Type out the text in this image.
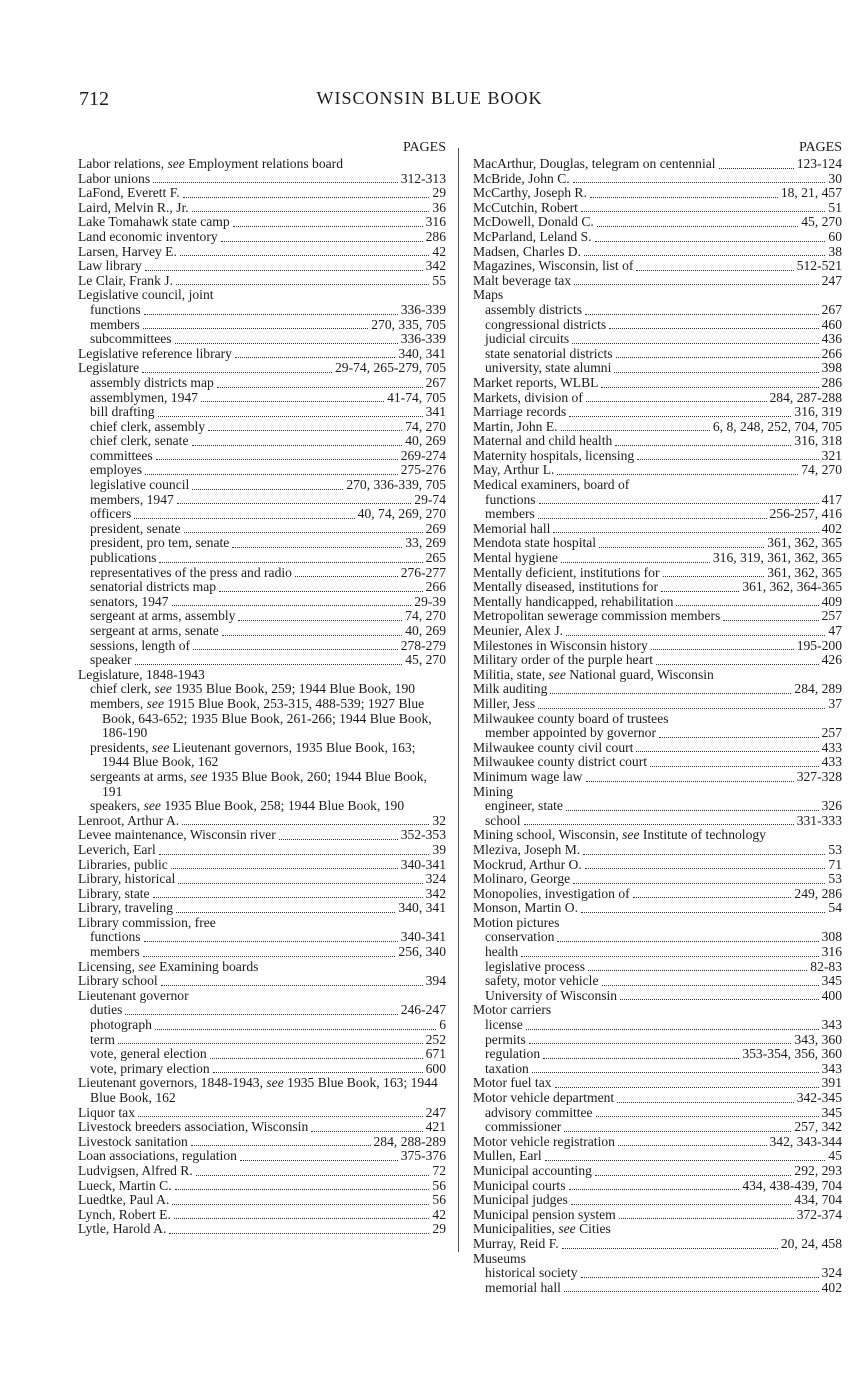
712	WISCONSIN BLUE BOOK
PAGES
Labor relations, see Employment relations board
Labor unions	312-313
LaFond, Everett F.	29
Laird, Melvin R., Jr.	36
Lake Tomahawk state camp	316
Land economic inventory	286
Larsen, Harvey E.	42
Law library	342
Le Clair, Frank J.	55
Legislative council, joint
functions	336-339
members	270, 335, 705
subcommittees	336-339
Legislative reference library	340, 341
Legislature	29-74, 265-279, 705
assembly districts map	267
assemblymen, 1947	41-74, 705
bill drafting	341
chief clerk, assembly	74, 270
chief clerk, senate	40, 269
committees	269-274
employes	275-276
legislative council	270, 336-339, 705
members, 1947	29-74
officers	40, 74, 269, 270
president, senate	269
president, pro tem, senate	33, 269
publications	265
representatives of the press and radio	276-277
senatorial districts map	266
senators, 1947	29-39
sergeant at arms, assembly	74, 270
sergeant at arms, senate	40, 269
sessions, length of	278-279
speaker	45, 270
Legislature, 1848-1943
chief clerk, see 1935 Blue Book, 259; 1944 Blue Book, 190
members, see 1915 Blue Book, 253-315, 488-539; 1927 Blue Book, 643-652; 1935 Blue Book, 261-266; 1944 Blue Book, 186-190
presidents, see Lieutenant governors, 1935 Blue Book, 163; 1944 Blue Book, 162
sergeants at arms, see 1935 Blue Book, 260; 1944 Blue Book, 191
speakers, see 1935 Blue Book, 258; 1944 Blue Book, 190
Lenroot, Arthur A.	32
Levee maintenance, Wisconsin river	352-353
Leverich, Earl	39
Libraries, public	340-341
Library, historical	324
Library, state	342
Library, traveling	340, 341
Library commission, free
functions	340-341
members	256, 340
Licensing, see Examining boards
Library school	394
Lieutenant governor
duties	246-247
photograph	6
term	252
vote, general election	671
vote, primary election	600
Lieutenant governors, 1848-1943, see 1935 Blue Book, 163; 1944 Blue Book, 162
Liquor tax	247
Livestock breeders association, Wisconsin	421
Livestock sanitation	284, 288-289
Loan associations, regulation	375-376
Ludvigsen, Alfred R.	72
Lueck, Martin C.	56
Luedtke, Paul A.	56
Lynch, Robert E.	42
Lytle, Harold A.	29
PAGES
MacArthur, Douglas, telegram on centennial	123-124
McBride, John C.	30
McCarthy, Joseph R.	18, 21, 457
McCutchin, Robert	51
McDowell, Donald C.	45, 270
McParland, Leland S.	60
Madsen, Charles D.	38
Magazines, Wisconsin, list of	512-521
Malt beverage tax	247
Maps
assembly districts	267
congressional districts	460
judicial circuits	436
state senatorial districts	266
university, state alumni	398
Market reports, WLBL	286
Markets, division of	284, 287-288
Marriage records	316, 319
Martin, John E.	6, 8, 248, 252, 704, 705
Maternal and child health	316, 318
Maternity hospitals, licensing	321
May, Arthur L.	74, 270
Medical examiners, board of
functions	417
members	256-257, 416
Memorial hall	402
Mendota state hospital	361, 362, 365
Mental hygiene	316, 319, 361, 362, 365
Mentally deficient, institutions for	361, 362, 365
Mentally diseased, institutions for	361, 362, 364-365
Mentally handicapped, rehabilitation	409
Metropolitan sewerage commission members	257
Meunier, Alex J.	47
Milestones in Wisconsin history	195-200
Military order of the purple heart	426
Militia, state, see National guard, Wisconsin
Milk auditing	284, 289
Miller, Jess	37
Milwaukee county board of trustees
member appointed by governor	257
Milwaukee county civil court	433
Milwaukee county district court	433
Minimum wage law	327-328
Mining
engineer, state	326
school	331-333
Mining school, Wisconsin, see Institute of technology
Mleziva, Joseph M.	53
Mockrud, Arthur O.	71
Molinaro, George	53
Monopolies, investigation of	249, 286
Monson, Martin O.	54
Motion pictures
conservation	308
health	316
legislative process	82-83
safety, motor vehicle	345
University of Wisconsin	400
Motor carriers
license	343
permits	343, 360
regulation	353-354, 356, 360
taxation	343
Motor fuel tax	391
Motor vehicle department	342-345
advisory committee	345
commissioner	257, 342
Motor vehicle registration	342, 343-344
Mullen, Earl	45
Municipal accounting	292, 293
Municipal courts	434, 438-439, 704
Municipal judges	434, 704
Municipal pension system	372-374
Municipalities, see Cities
Murray, Reid F.	20, 24, 458
Museums
historical society	324
memorial hall	402
